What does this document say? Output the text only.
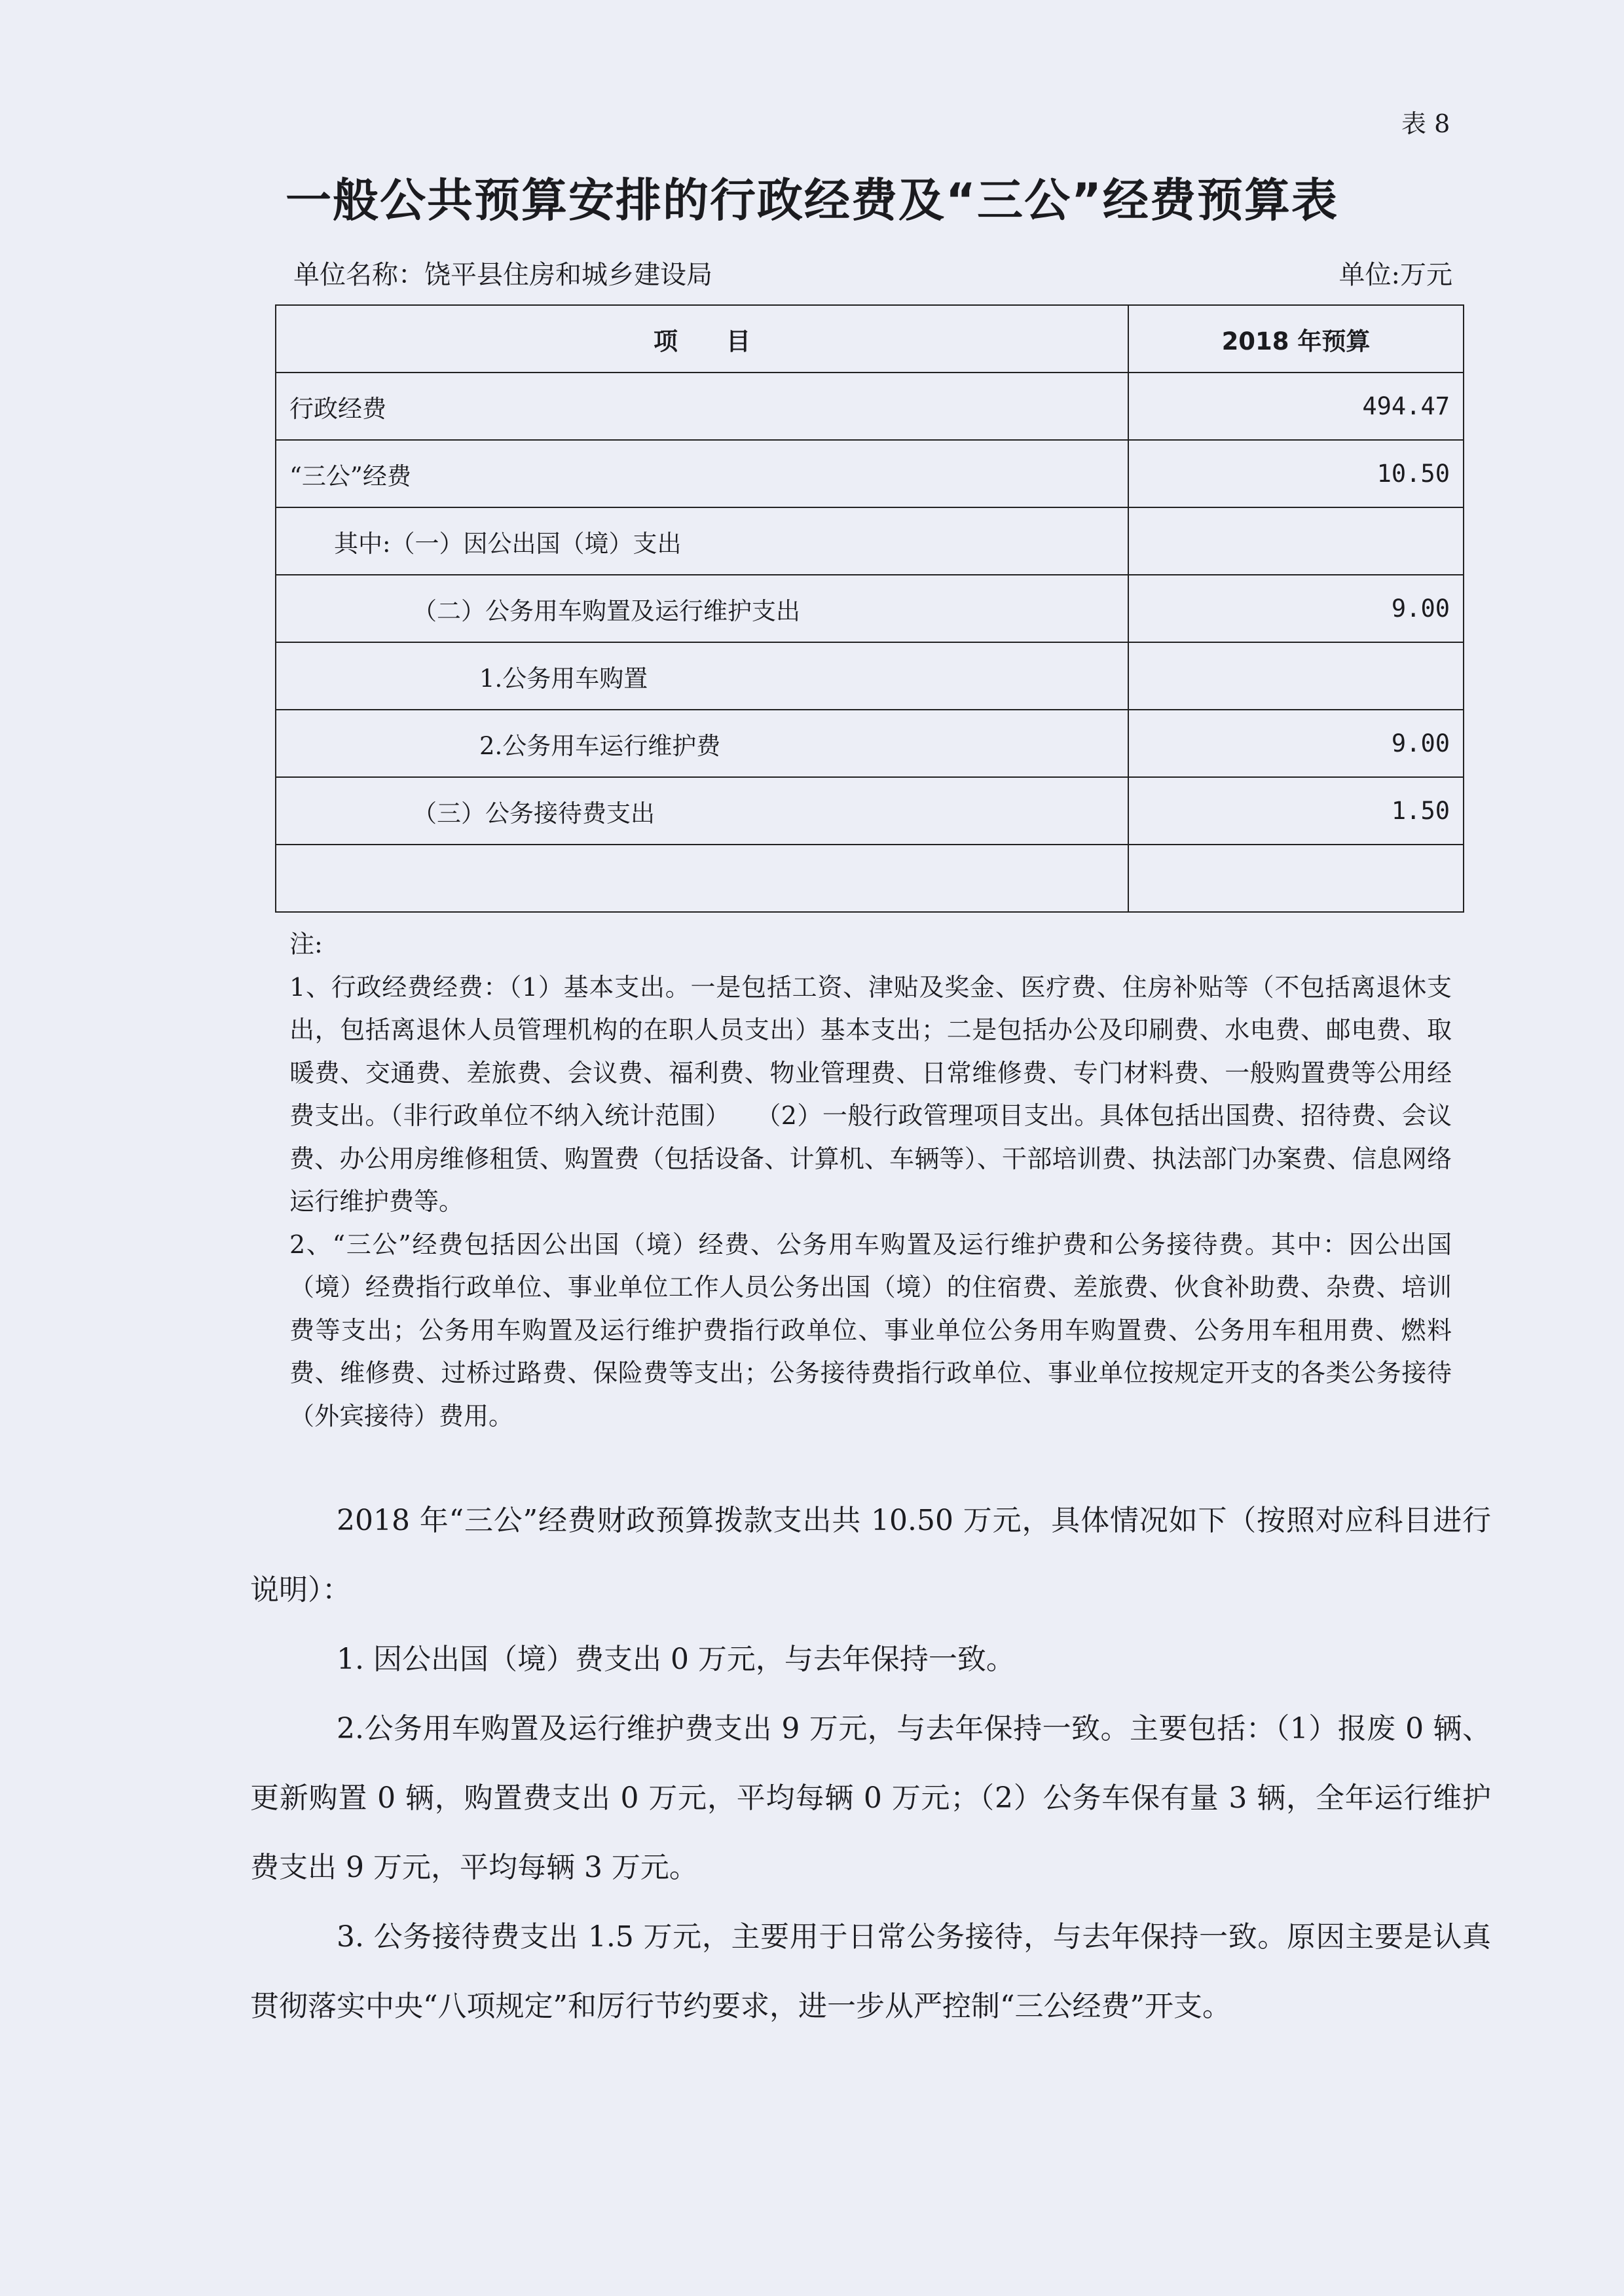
表 8
一般公共预算安排的行政经费及“三公”经费预算表
单位名称：饶平县住房和城乡建设局	单位:万元
项　　目	2018 年预算
行政经费	494.47
“三公”经费	10.50
其中:（一）因公出国（境）支出	
（二）公务用车购置及运行维护支出	9.00
1.公务用车购置	
2.公务用车运行维护费	9.00
（三）公务接待费支出	1.50

注:

1、行政经费经费：（1）基本支出。一是包括工资、津贴及奖金、医疗费、住房补贴等（不包括离退休支出，包括离退休人员管理机构的在职人员支出）基本支出；二是包括办公及印刷费、水电费、邮电费、取暖费、交通费、差旅费、会议费、福利费、物业管理费、日常维修费、专门材料费、一般购置费等公用经费支出。（非行政单位不纳入统计范围）　　（2）一般行政管理项目支出。具体包括出国费、招待费、会议费、办公用房维修租赁、购置费（包括设备、计算机、车辆等）、干部培训费、执法部门办案费、信息网络运行维护费等。

2、“三公”经费包括因公出国（境）经费、公务用车购置及运行维护费和公务接待费。其中：因公出国（境）经费指行政单位、事业单位工作人员公务出国（境）的住宿费、差旅费、伙食补助费、杂费、培训费等支出；公务用车购置及运行维护费指行政单位、事业单位公务用车购置费、公务用车租用费、燃料费、维修费、过桥过路费、保险费等支出；公务接待费指行政单位、事业单位按规定开支的各类公务接待（外宾接待）费用。

2018 年“三公”经费财政预算拨款支出共 10.50 万元，具体情况如下（按照对应科目进行说明）：

1. 因公出国（境）费支出 0 万元，与去年保持一致。

2.公务用车购置及运行维护费支出 9 万元，与去年保持一致。主要包括：（1）报废 0 辆、更新购置 0 辆，购置费支出 0 万元，平均每辆 0 万元；（2）公务车保有量 3 辆，全年运行维护费支出 9 万元，平均每辆 3 万元。

3. 公务接待费支出 1.5 万元，主要用于日常公务接待，与去年保持一致。原因主要是认真贯彻落实中央“八项规定”和厉行节约要求，进一步从严控制“三公经费”开支。
